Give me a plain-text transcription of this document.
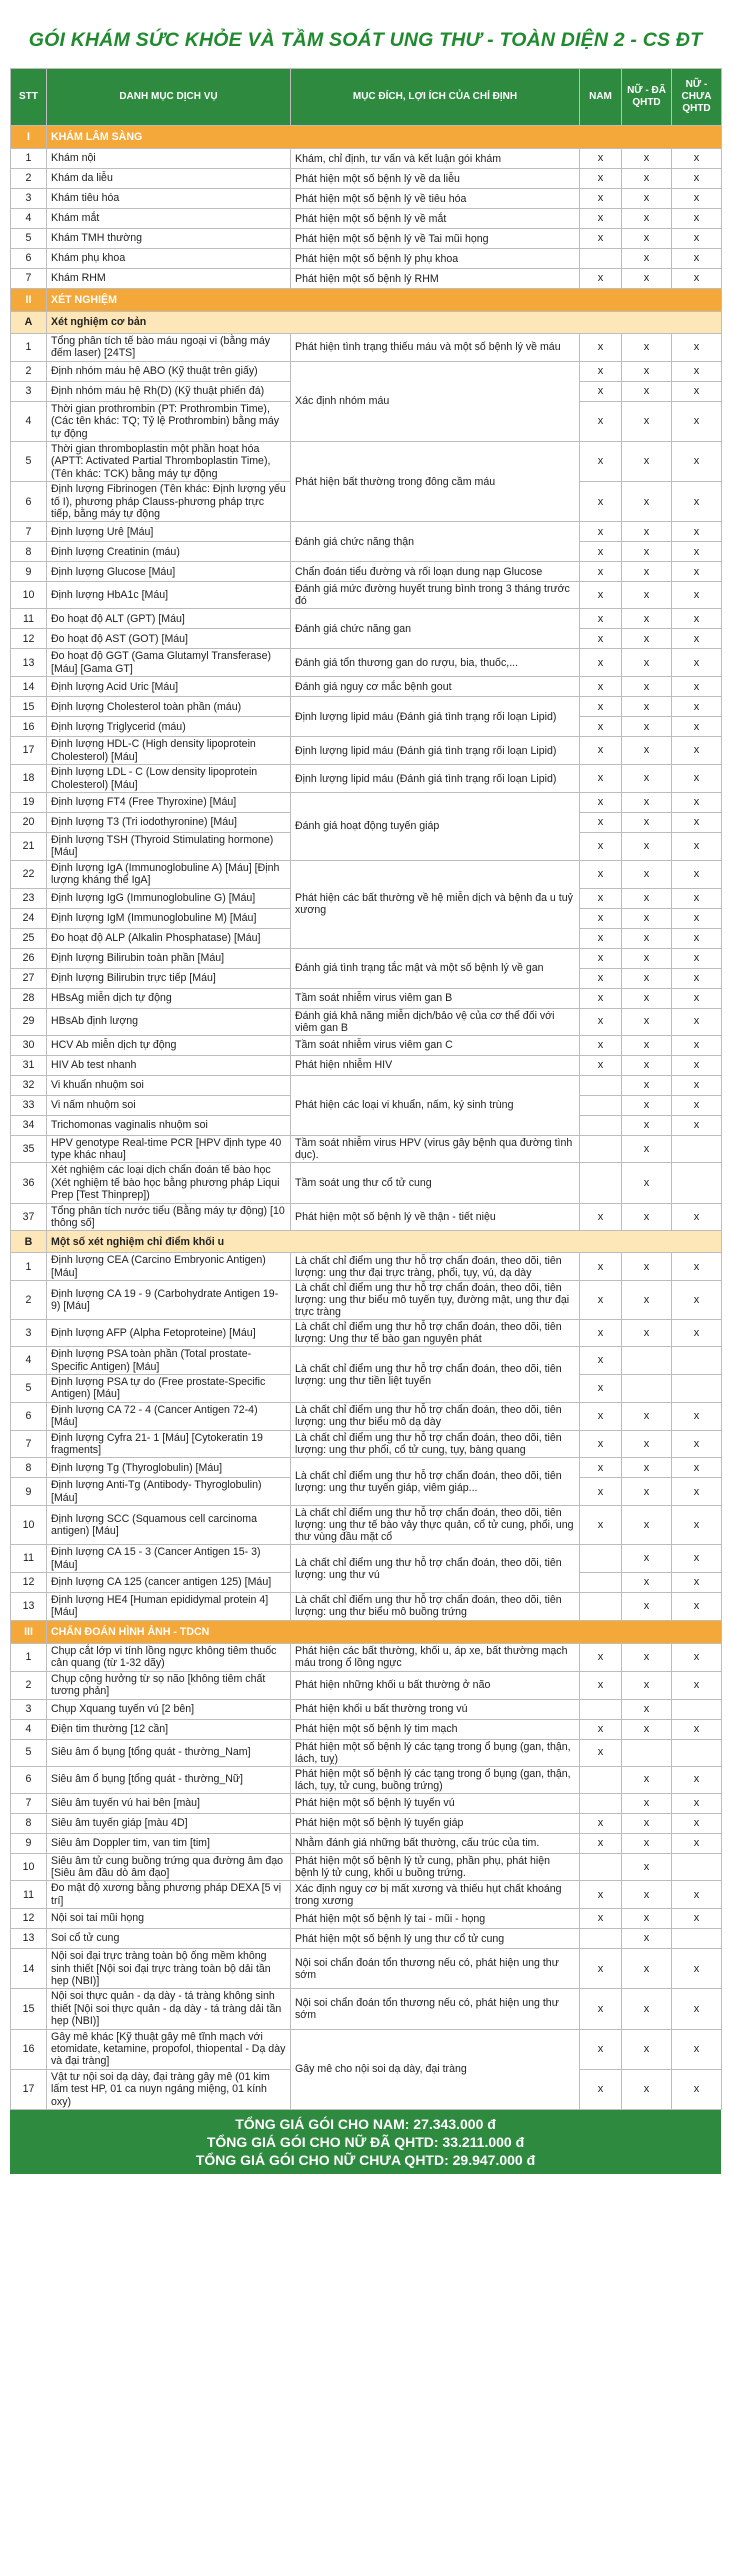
GÓI KHÁM SỨC KHỎE VÀ TẦM SOÁT UNG THƯ - TOÀN DIỆN 2 - CS ĐT
STT	DANH MỤC DỊCH VỤ	MỤC ĐÍCH, LỢI ÍCH CỦA CHỈ ĐỊNH	NAM	NỮ - ĐÃ QHTD	NỮ - CHƯA QHTD
I	KHÁM LÂM SÀNG				
1	Khám nội	Khám, chỉ định, tư vấn và kết luận gói khám	x	x	x
2	Khám da liễu	Phát hiện một số bệnh lý về da liễu	x	x	x
3	Khám tiêu hóa	Phát hiện một số bệnh lý về tiêu hóa	x	x	x
4	Khám mắt	Phát hiện một số bệnh lý về mắt	x	x	x
5	Khám TMH thường	Phát hiện một số bệnh lý về Tai mũi họng	x	x	x
6	Khám phụ khoa	Phát hiện một số bệnh lý phụ khoa		x	x
7	Khám RHM	Phát hiện một số bệnh lý RHM	x	x	x
II	XÉT NGHIỆM				
A	Xét nghiệm cơ bản				
1	Tổng phân tích tế bào máu ngoại vi (bằng máy đếm laser) [24TS]	Phát hiện tình trạng thiếu máu và một số bệnh lý về máu	x	x	x
2	Định nhóm máu hệ ABO (Kỹ thuật trên giấy)	Xác định nhóm máu	x	x	x
3	Định nhóm máu hệ Rh(D) (Kỹ thuật phiến đá)		x	x	x
4	Thời gian prothrombin (PT: Prothrombin Time), (Các tên khác: TQ; Tỷ lệ Prothrombin) bằng máy tự động		x	x	x
5	Thời gian thromboplastin một phần hoạt hóa (APTT: Activated Partial Thromboplastin Time), (Tên khác: TCK) bằng máy tự động	Phát hiện bất thường trong đông cầm máu	x	x	x
6	Định lượng Fibrinogen (Tên khác: Định lượng yếu tố I), phương pháp Clauss-phương pháp trực tiếp, bằng máy tự động		x	x	x
7	Định lượng Urê [Máu]	Đánh giá chức năng thận	x	x	x
8	Định lượng Creatinin (máu)		x	x	x
9	Định lượng Glucose [Máu]	Chẩn đoán tiểu đường và rối loạn dung nạp Glucose	x	x	x
10	Định lượng HbA1c [Máu]	Đánh giá mức đường huyết trung bình trong 3 tháng trước đó	x	x	x
11	Đo hoạt độ ALT (GPT) [Máu]	Đánh giá chức năng gan	x	x	x
12	Đo hoạt độ AST (GOT) [Máu]		x	x	x
13	Đo hoạt độ GGT (Gama Glutamyl Transferase) [Máu] [Gama GT]	Đánh giá tổn thương gan do rượu, bia, thuốc,...	x	x	x
14	Định lượng Acid Uric [Máu]	Đánh giá nguy cơ mắc bệnh gout	x	x	x
15	Định lượng Cholesterol toàn phần (máu)	Định lượng lipid máu (Đánh giá tình trạng rối loạn Lipid)	x	x	x
16	Định lượng Triglycerid (máu)		x	x	x
17	Định lượng HDL-C (High density lipoprotein Cholesterol) [Máu]	Định lượng lipid máu (Đánh giá tình trạng rối loạn Lipid)	x	x	x
18	Định lượng LDL - C (Low density lipoprotein Cholesterol) [Máu]	Định lượng lipid máu (Đánh giá tình trạng rối loạn Lipid)	x	x	x
19	Định lượng FT4 (Free Thyroxine) [Máu]	Đánh giá hoạt động tuyến giáp	x	x	x
20	Định lượng T3 (Tri iodothyronine) [Máu]		x	x	x
21	Định lượng TSH (Thyroid Stimulating hormone) [Máu]		x	x	x
22	Định lượng IgA (Immunoglobuline A) [Máu] [Định lượng kháng thể IgA]	Phát hiện các bất thường về hệ miễn dịch và bệnh đa u tuỷ xương	x	x	x
23	Định lượng IgG (Immunoglobuline G) [Máu]		x	x	x
24	Định lượng IgM (Immunoglobuline M) [Máu]		x	x	x
25	Đo hoạt độ ALP (Alkalin Phosphatase) [Máu]		x	x	x
26	Định lượng Bilirubin toàn phần [Máu]	Đánh giá tình trạng tắc mật và một số bệnh lý về gan	x	x	x
27	Định lượng Bilirubin trực tiếp [Máu]		x	x	x
28	HBsAg miễn dịch tự động	Tầm soát nhiễm virus viêm gan B	x	x	x
29	HBsAb định lượng	Đánh giá khả năng miễn dịch/bảo vệ của cơ thể đối với viêm gan B	x	x	x
30	HCV Ab miễn dịch tự động	Tầm soát nhiễm virus viêm gan C	x	x	x
31	HIV Ab test nhanh	Phát hiện nhiễm HIV	x	x	x
32	Vi khuẩn nhuộm soi	Phát hiện các loại vi khuẩn, nấm, ký sinh trùng		x	x
33	Vi nấm nhuộm soi			x	x
34	Trichomonas vaginalis nhuộm soi			x	x
35	HPV genotype Real-time PCR [HPV định type 40 type khác nhau]	Tầm soát nhiễm virus HPV (virus gây bệnh qua đường tình dục).		x	
36	Xét nghiệm các loại dịch chẩn đoán tế bào học (Xét nghiệm tế bào học bằng phương pháp Liqui Prep [Test Thinprep])	Tầm soát ung thư cổ tử cung		x	
37	Tổng phân tích nước tiểu (Bằng máy tự động) [10 thông số]	Phát hiện một số bệnh lý về thận - tiết niệu	x	x	x
B	Một số xét nghiệm chỉ điểm khối u				
1	Định lượng CEA (Carcino Embryonic Antigen) [Máu]	Là chất chỉ điểm ung thư hỗ trợ chẩn đoán, theo dõi, tiên lượng: ung thư đại trực tràng, phổi, tụy, vú, dạ dày	x	x	x
2	Định lượng CA 19 - 9 (Carbohydrate Antigen 19-9) [Máu]	Là chất chỉ điểm ung thư hỗ trợ chẩn đoán, theo dõi, tiên lượng: ung thư biểu mô tuyến tụy, đường mật, ung thư đại trực tràng	x	x	x
3	Định lượng AFP (Alpha Fetoproteine) [Máu]	Là chất chỉ điểm ung thư hỗ trợ chẩn đoán, theo dõi, tiên lượng: Ung thư tế bào gan nguyên phát	x	x	x
4	Định lượng PSA toàn phần (Total prostate-Specific Antigen) [Máu]	Là chất chỉ điểm ung thư hỗ trợ chẩn đoán, theo dõi, tiên lượng: ung thư tiền liệt tuyến	x		
5	Định lượng PSA tự do (Free prostate-Specific Antigen) [Máu]		x		
6	Định lượng CA 72 - 4 (Cancer Antigen 72-4) [Máu]	Là chất chỉ điểm ung thư hỗ trợ chẩn đoán, theo dõi, tiên lượng: ung thư biểu mô dạ dày	x	x	x
7	Định lượng Cyfra 21- 1 [Máu] [Cytokeratin 19 fragments]	Là chất chỉ điểm ung thư hỗ trợ chẩn đoán, theo dõi, tiên lượng: ung thư phổi, cổ tử cung, tụy, bàng quang	x	x	x
8	Định lượng Tg (Thyroglobulin) [Máu]	Là chất chỉ điểm ung thư hỗ trợ chẩn đoán, theo dõi, tiên lượng: ung thư tuyến giáp, viêm giáp...	x	x	x
9	Định lượng Anti-Tg (Antibody- Thyroglobulin) [Máu]		x	x	x
10	Định lượng SCC (Squamous cell carcinoma antigen) [Máu]	Là chất chỉ điểm ung thư hỗ trợ chẩn đoán, theo dõi, tiên lượng: ung thư tế bào vảy thực quản, cổ tử cung, phổi, ung thư vùng đầu mặt cổ	x	x	x
11	Định lượng CA 15 - 3 (Cancer Antigen 15- 3) [Máu]	Là chất chỉ điểm ung thư hỗ trợ chẩn đoán, theo dõi, tiên lượng: ung thư vú		x	x
12	Định lượng CA 125 (cancer antigen 125) [Máu]			x	x
13	Định lượng HE4 [Human epididymal protein 4] [Máu]	Là chất chỉ điểm ung thư hỗ trợ chẩn đoán, theo dõi, tiên lượng: ung thư biểu mô buồng trứng		x	x
III	CHẨN ĐOÁN HÌNH ẢNH - TDCN				
1	Chụp cắt lớp vi tính lồng ngực không tiêm thuốc cản quang (từ 1-32 dãy)	Phát hiện các bất thường, khối u, áp xe, bất thường mạch máu trong ổ lồng ngực	x	x	x
2	Chụp cộng hưởng từ sọ não [không tiêm chất tương phản]	Phát hiện những khối u bất thường ở não	x	x	x
3	Chụp Xquang tuyến vú [2 bên]	Phát hiện khối u bất thường trong vú		x	
4	Điện tim thường [12 cần]	Phát hiện một số bệnh lý tim mạch	x	x	x
5	Siêu âm ổ bụng [tổng quát - thường_Nam]	Phát hiện một số bệnh lý các tạng trong ổ bụng (gan, thận, lách, tuỵ)	x		
6	Siêu âm ổ bụng [tổng quát - thường_Nữ]	Phát hiện một số bệnh lý các tạng trong ổ bụng (gan, thận, lách, tụy, tử cung, buồng trứng)		x	x
7	Siêu âm tuyến vú hai bên [màu]	Phát hiện một số bệnh lý tuyến vú		x	x
8	Siêu âm tuyến giáp [màu 4D]	Phát hiện một số bệnh lý tuyến giáp	x	x	x
9	Siêu âm Doppler tim, van tim [tim]	Nhằm đánh giá những bất thường, cấu trúc của tim.	x	x	x
10	Siêu âm tử cung buồng trứng qua đường âm đạo [Siêu âm đầu dò âm đạo]	Phát hiện một số bệnh lý tử cung, phần phụ, phát hiện bệnh lý tử cung, khối u buồng trứng.		x	
11	Đo mật độ xương bằng phương pháp DEXA [5 vị trí]	Xác định nguy cơ bị mất xương và thiếu hụt chất khoáng trong xương	x	x	x
12	Nội soi tai mũi họng	Phát hiện một số bệnh lý tai - mũi - họng	x	x	x
13	Soi cổ tử cung	Phát hiện một số bệnh lý ung thư cổ tử cung		x	
14	Nội soi đại trực tràng toàn bộ ống mềm không sinh thiết [Nội soi đại trực tràng toàn bộ dải tần hẹp (NBI)]	Nội soi chẩn đoán tổn thương nếu có, phát hiện ung thư sớm	x	x	x
15	Nội soi thực quản - dạ dày - tá tràng không sinh thiết [Nội soi thực quản - dạ dày - tá tràng dải tần hẹp (NBI)]	Nội soi chẩn đoán tổn thương nếu có, phát hiện ung thư sớm	x	x	x
16	Gây mê khác [Kỹ thuật gây mê tĩnh mạch với etomidate, ketamine, propofol, thiopental - Dạ dày và đại tràng]	Gây mê cho nội soi dạ dày, đại tràng	x	x	x
17	Vật tư nội soi dạ dày, đại tràng gây mê (01 kim lấm test HP, 01 ca nuyn ngáng miệng, 01 kính oxy)		x	x	x
TỔNG GIÁ GÓI CHO NAM: 27.343.000 đ
TỔNG GIÁ GÓI CHO NỮ ĐÃ QHTD: 33.211.000 đ
TỔNG GIÁ GÓI CHO NỮ CHƯA QHTD: 29.947.000 đ
